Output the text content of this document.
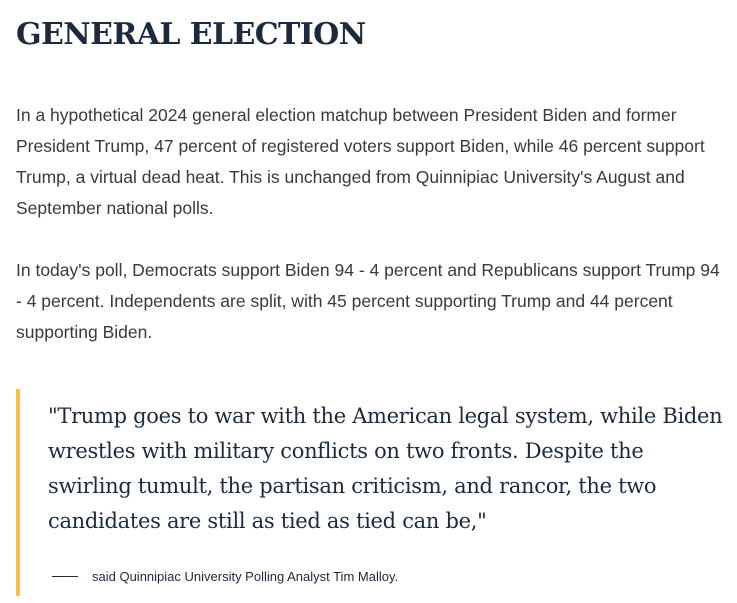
GENERAL ELECTION

In a hypothetical 2024 general election matchup between President Biden and former President Trump, 47 percent of registered voters support Biden, while 46 percent support Trump, a virtual dead heat. This is unchanged from Quinnipiac University's August and September national polls.

In today's poll, Democrats support Biden 94 - 4 percent and Republicans support Trump 94 - 4 percent. Independents are split, with 45 percent supporting Trump and 44 percent supporting Biden.

"Trump goes to war with the American legal system, while Biden wrestles with military conflicts on two fronts. Despite the swirling tumult, the partisan criticism, and rancor, the two candidates are still as tied as tied can be,"

said Quinnipiac University Polling Analyst Tim Malloy.
